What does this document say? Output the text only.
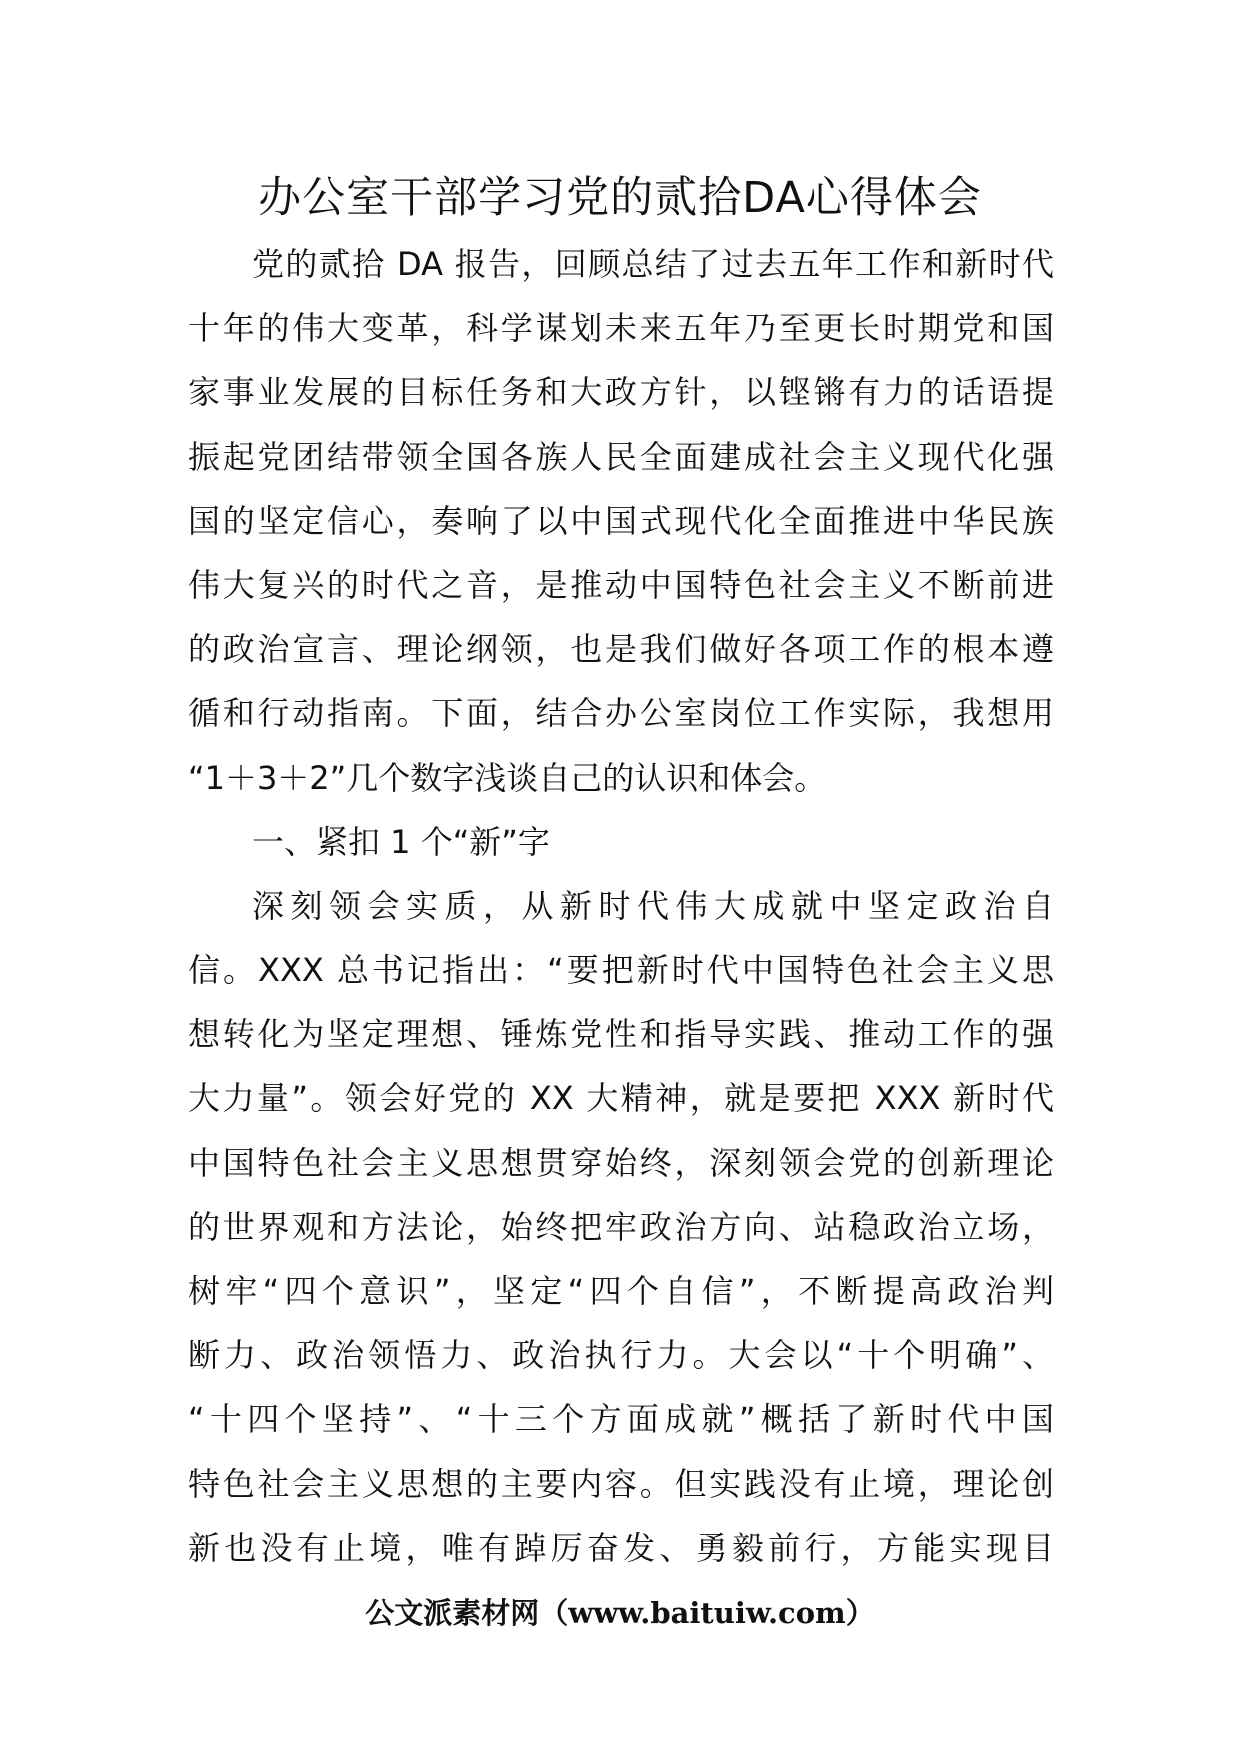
办公室干部学习党的贰拾DA心得体会
党的贰拾 DA 报告，回顾总结了过去五年工作和新时代
十年的伟大变革，科学谋划未来五年乃至更长时期党和国
家事业发展的目标任务和大政方针，以铿锵有力的话语提
振起党团结带领全国各族人民全面建成社会主义现代化强
国的坚定信心，奏响了以中国式现代化全面推进中华民族
伟大复兴的时代之音，是推动中国特色社会主义不断前进
的政治宣言、理论纲领，也是我们做好各项工作的根本遵
循和行动指南。下面，结合办公室岗位工作实际，我想用
“1＋3＋2”几个数字浅谈自己的认识和体会。
一、紧扣 1 个“新”字
深刻领会实质，从新时代伟大成就中坚定政治自
信。XXX 总书记指出：“要把新时代中国特色社会主义思
想转化为坚定理想、锤炼党性和指导实践、推动工作的强
大力量”。领会好党的 XX 大精神，就是要把 XXX 新时代
中国特色社会主义思想贯穿始终，深刻领会党的创新理论
的世界观和方法论，始终把牢政治方向、站稳政治立场，
树牢“四个意识”，坚定“四个自信”，不断提高政治判
断力、政治领悟力、政治执行力。大会以“十个明确”、
“十四个坚持”、“十三个方面成就”概括了新时代中国
特色社会主义思想的主要内容。但实践没有止境，理论创
新也没有止境，唯有踔厉奋发、勇毅前行，方能实现目
公文派素材网（www.baituiw.com）
